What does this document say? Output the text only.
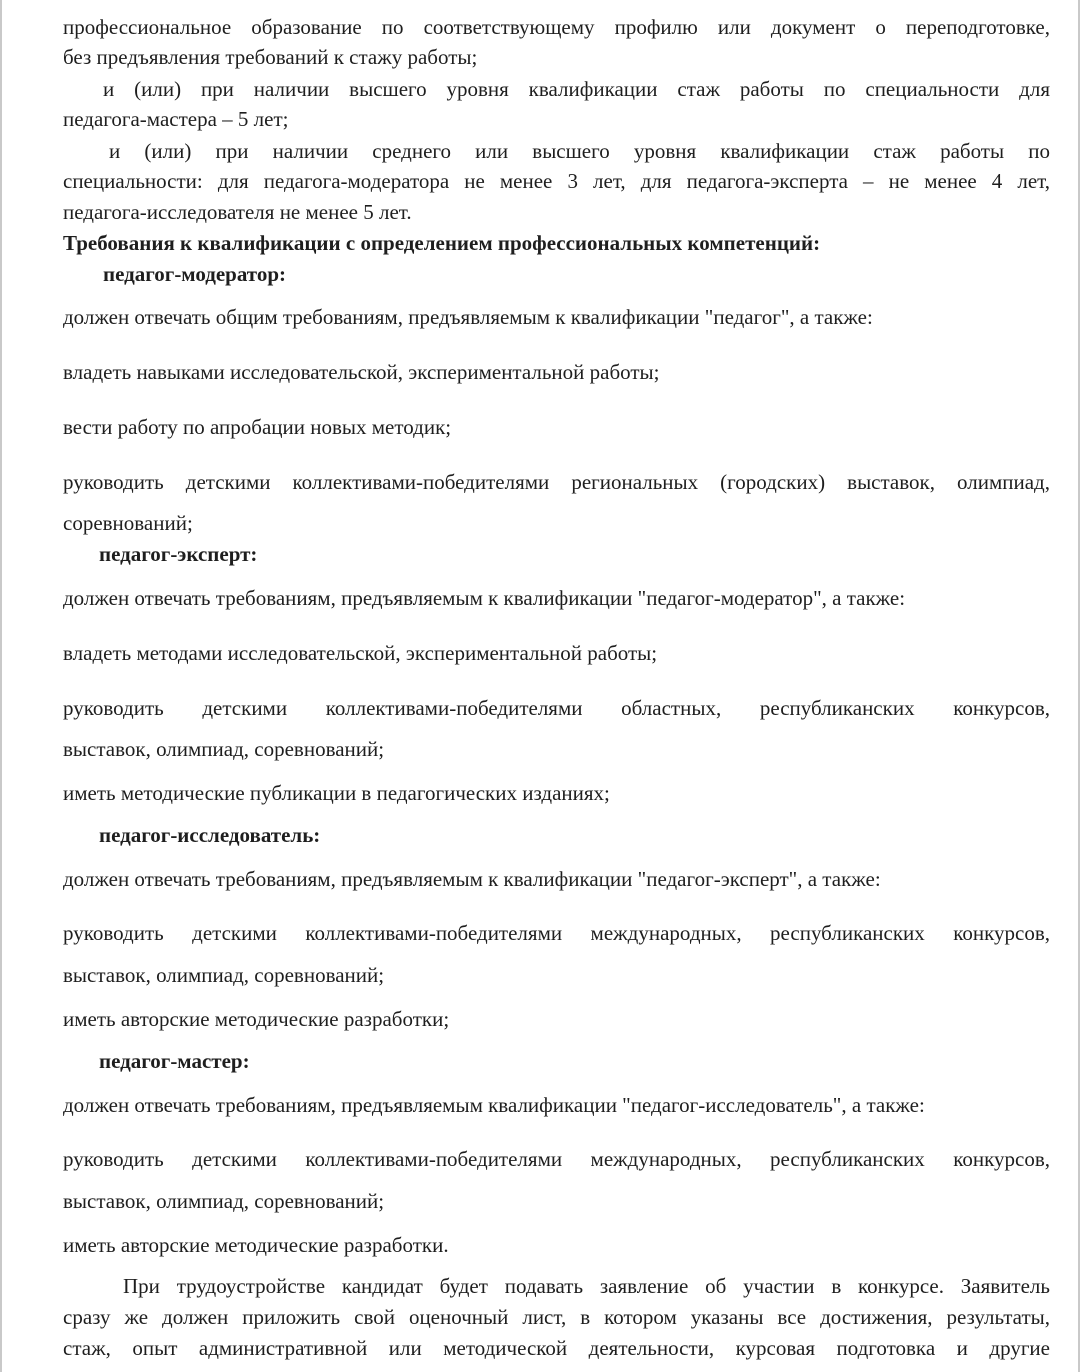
профессиональное образование по соответствующему профилю или документ о переподготовке,
без предъявления требований к стажу работы;
и (или) при наличии высшего уровня квалификации стаж работы по специальности для
педагога-мастера – 5 лет;
и (или) при наличии среднего или высшего уровня квалификации стаж работы по
специальности: для педагога-модератора не менее 3 лет, для педагога-эксперта – не менее 4 лет,
педагога-исследователя не менее 5 лет.
Требования к квалификации с определением профессиональных компетенций:
педагог-модератор:
должен отвечать общим требованиям, предъявляемым к квалификации "педагог", а также:
владеть навыками исследовательской, экспериментальной работы;
вести работу по апробации новых методик;
руководить детскими коллективами-победителями региональных (городских) выставок, олимпиад,
соревнований;
педагог-эксперт:
должен отвечать требованиям, предъявляемым к квалификации "педагог-модератор", а также:
владеть методами исследовательской, экспериментальной работы;
руководить детскими коллективами-победителями областных, республиканских конкурсов,
выставок, олимпиад, соревнований;
иметь методические публикации в педагогических изданиях;
педагог-исследователь:
должен отвечать требованиям, предъявляемым к квалификации "педагог-эксперт", а также:
руководить детскими коллективами-победителями международных, республиканских конкурсов,
выставок, олимпиад, соревнований;
иметь авторские методические разработки;
педагог-мастер:
должен отвечать требованиям, предъявляемым квалификации "педагог-исследователь", а также:
руководить детскими коллективами-победителями международных, республиканских конкурсов,
выставок, олимпиад, соревнований;
иметь авторские методические разработки.
При трудоустройстве кандидат будет подавать заявление об участии в конкурсе. Заявитель
сразу же должен приложить свой оценочный лист, в котором указаны все достижения, результаты,
стаж, опыт административной или методической деятельности, курсовая подготовка и другие
